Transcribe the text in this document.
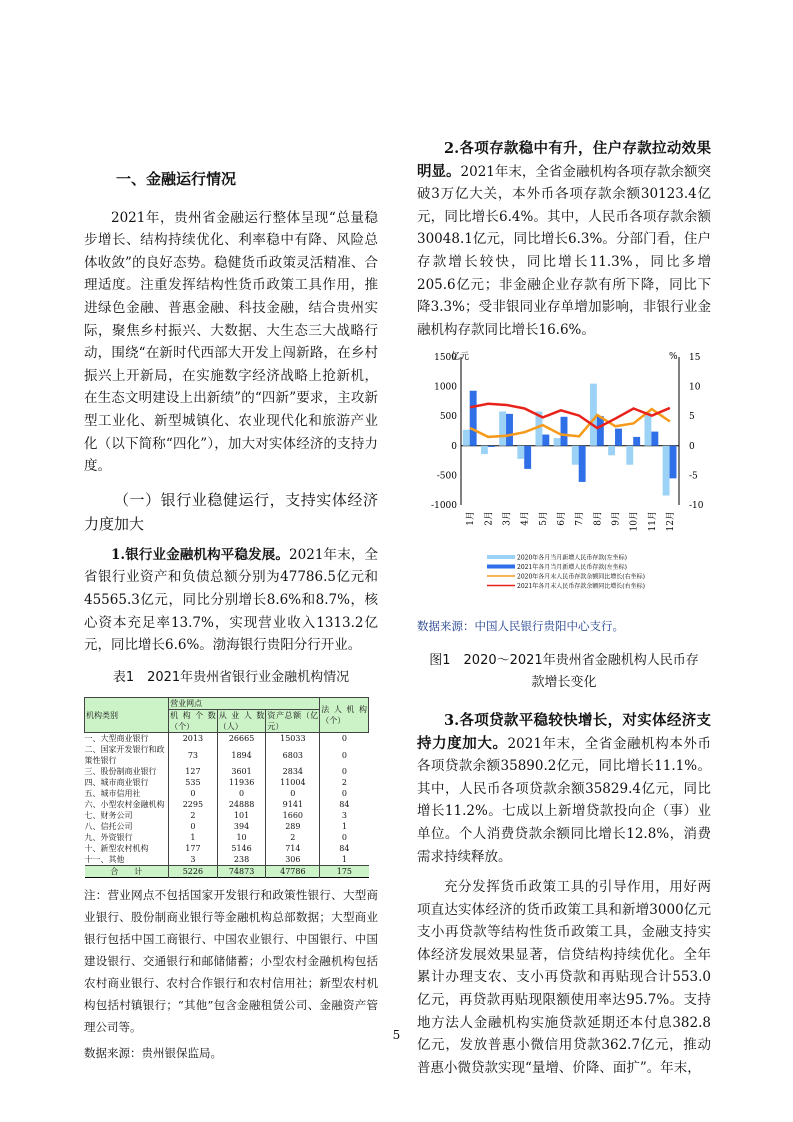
一、金融运行情况

2021年，贵州省金融运行整体呈现“总量稳步增长、结构持续优化、利率稳中有降、风险总体收敛”的良好态势。稳健货币政策灵活精准、合理适度。注重发挥结构性货币政策工具作用，推进绿色金融、普惠金融、科技金融，结合贵州实际，聚焦乡村振兴、大数据、大生态三大战略行动，围绕“在新时代西部大开发上闯新路，在乡村振兴上开新局，在实施数字经济战略上抢新机，在生态文明建设上出新绩”的“四新”要求，主攻新型工业化、新型城镇化、农业现代化和旅游产业化（以下简称“四化”），加大对实体经济的支持力度。

（一）银行业稳健运行，支持实体经济力度加大

1.银行业金融机构平稳发展。2021年末，全省银行业资产和负债总额分别为47786.5亿元和45565.3亿元，同比分别增长8.6%和8.7%，核心资本充足率13.7%，实现营业收入1313.2亿元，同比增长6.6%。渤海银行贵阳分行开业。

表1　2021年贵州省银行业金融机构情况
机构类别	营业网点			法人机构（个）
	机构个数（个）	从业人数（人）	资产总额（亿元）	
一、大型商业银行	2013	26665	15033	0
二、国家开发银行和政策性银行	73	1894	6803	0
三、股份制商业银行	127	3601	2834	0
四、城市商业银行	535	11936	11004	2
五、城市信用社	0	0	0	0
六、小型农村金融机构	2295	24888	9141	84
七、财务公司	2	101	1660	3
八、信托公司	0	394	289	1
九、外资银行	1	10	2	0
十、新型农村机构	177	5146	714	84
十一、其他	3	238	306	1
合　　计	5226	74873	47786	175

注：营业网点不包括国家开发银行和政策性银行、大型商业银行、股份制商业银行等金融机构总部数据；大型商业银行包括中国工商银行、中国农业银行、中国银行、中国建设银行、交通银行和邮储储蓄；小型农村金融机构包括农村商业银行、农村合作银行和农村信用社；新型农村机构包括村镇银行；“其他”包含金融租赁公司、金融资产管理公司等。

数据来源：贵州银保监局。

2.各项存款稳中有升，住户存款拉动效果明显。2021年末，全省金融机构各项存款余额突破3万亿大关，本外币各项存款余额30123.4亿元，同比增长6.4%。其中，人民币各项存款余额30048.1亿元，同比增长6.3%。分部门看，住户存款增长较快，同比增长11.3%，同比多增205.6亿元；非金融企业存款有所下降，同比下降3.3%；受非银同业存单增加影响，非银行业金融机构存款同比增长16.6%。

1500
1000
500
0
-500
-1000
15
10
5
0
-5
-10
亿元	%
1月 2月 3月 4月 5月 6月 7月 8月 9月 10月 11月 12月
2020年各月当月新增人民币存款(左坐标)
2021年各月当月新增人民币存款(左坐标)
2020年各月末人民币存款余额同比增长(右坐标)
2021年各月末人民币存款余额同比增长(右坐标)

数据来源：中国人民银行贵阳中心支行。

图1　2020～2021年贵州省金融机构人民币存款增长变化

3.各项贷款平稳较快增长，对实体经济支持力度加大。2021年末，全省金融机构本外币各项贷款余额35890.2亿元，同比增长11.1%。其中，人民币各项贷款余额35829.4亿元，同比增长11.2%。七成以上新增贷款投向企（事）业单位。个人消费贷款余额同比增长12.8%，消费需求持续释放。

充分发挥货币政策工具的引导作用，用好两项直达实体经济的货币政策工具和新增3000亿元支小再贷款等结构性货币政策工具，金融支持实体经济发展效果显著，信贷结构持续优化。全年累计办理支农、支小再贷款和再贴现合计553.0亿元，再贷款再贴现限额使用率达95.7%。支持地方法人金融机构实施贷款延期还本付息382.8亿元，发放普惠小微信用贷款362.7亿元，推动普惠小微贷款实现“量增、价降、面扩”。年末，

5
